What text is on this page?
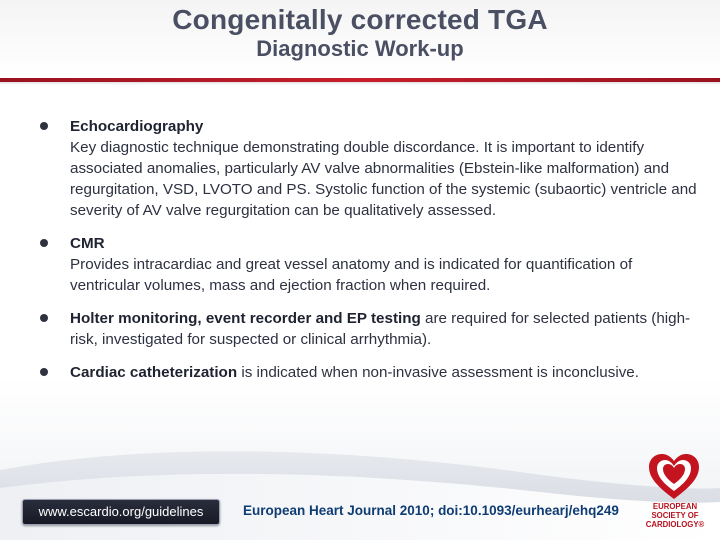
Congenitally corrected TGA
Diagnostic Work-up
Echocardiography
Key diagnostic technique demonstrating double discordance. It is important to identify associated anomalies, particularly AV valve abnormalities (Ebstein-like malformation) and regurgitation, VSD, LVOTO and PS. Systolic function of the systemic (subaortic) ventricle and severity of AV valve regurgitation can be qualitatively assessed.
CMR
Provides intracardiac and great vessel anatomy and is indicated for quantification of ventricular volumes, mass and ejection fraction when required.
Holter monitoring, event recorder and EP testing are required for selected patients (high-risk, investigated for suspected or clinical arrhythmia).
Cardiac catheterization is indicated when non-invasive assessment is inconclusive.
www.escardio.org/guidelines	European Heart Journal 2010; doi:10.1093/eurhearj/ehq249	EUROPEAN
SOCIETY OF
CARDIOLOGY®
